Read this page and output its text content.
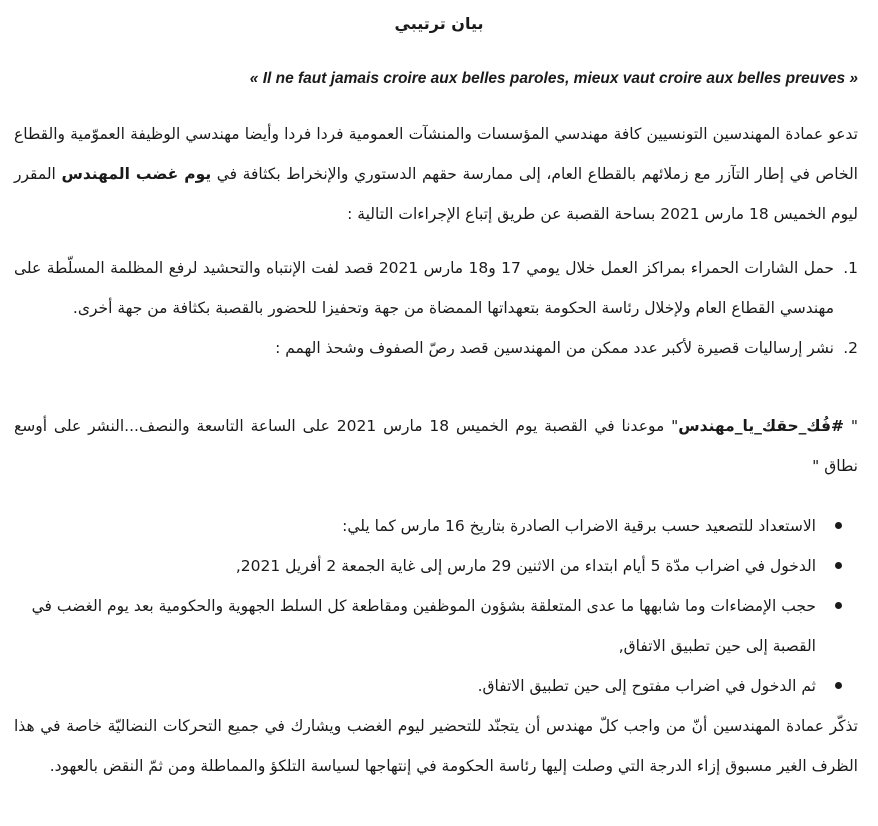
بيان ترتيبي

« Il ne faut jamais croire aux belles paroles, mieux vaut croire aux belles preuves »

تدعو عمادة المهندسين التونسيين كافة مهندسي المؤسسات والمنشآت العمومية فردا فردا وأيضا مهندسي الوظيفة العموّمية والقطاع الخاص في إطار التآزر مع زملائهم بالقطاع العام، إلى ممارسة حقهم الدستوري والإنخراط بكثافة في يوم غضب المهندس المقرر ليوم الخميس 18 مارس 2021 بساحة القصبة عن طريق إتباع الإجراءات التالية :

1.
حمل الشارات الحمراء بمراكز العمل خلال يومي 17 و18 مارس 2021 قصد لفت الإنتباه والتحشيد لرفع المظلمة المسلّطة على مهندسي القطاع العام ولإخلال رئاسة الحكومة بتعهداتها الممضاة من جهة وتحفيزا للحضور بالقصبة بكثافة من جهة أخرى.
2.
نشر إرساليات قصيرة لأكبر عدد ممكن من المهندسين قصد رصّ الصفوف وشحذ الهمم :

" #فُك_حقك_يا_مهندس" موعدنا في القصبة يوم الخميس 18 مارس 2021 على الساعة التاسعة والنصف...النشر على أوسع نطاق "

الاستعداد للتصعيد حسب برقية الاضراب الصادرة بتاريخ 16 مارس كما يلي:
الدخول في اضراب مدّة 5 أيام ابتداء من الاثنين 29 مارس إلى غاية الجمعة 2 أفريل 2021,
حجب الإمضاءات وما شابهها ما عدى المتعلقة بشؤون الموظفين ومقاطعة كل السلط الجهوية والحكومية بعد يوم الغضب في القصبة إلى حين تطبيق الاتفاق,
ثم الدخول في اضراب مفتوح إلى حين تطبيق الاتفاق.

تذكّر عمادة المهندسين أنّ من واجب كلّ مهندس أن يتجنّد للتحضير ليوم الغضب ويشارك في جميع التحركات النضاليّة خاصة في هذا الظرف الغير مسبوق إزاء الدرجة التي وصلت إليها رئاسة الحكومة في إنتهاجها لسياسة التلكؤ والمماطلة ومن ثمّ النقض بالعهود.
